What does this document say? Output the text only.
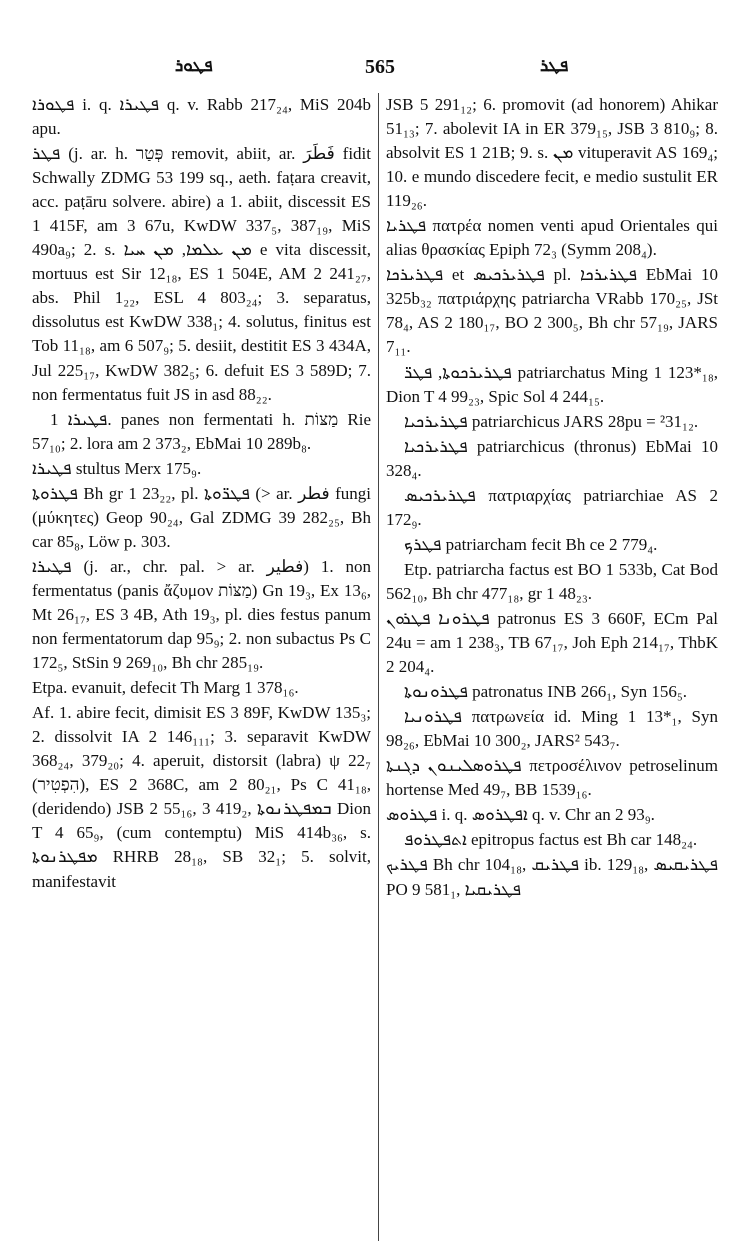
ܦܛܘܪ	565	ܦܛܪ

ܦܛܘܪܐ i. q. ܦܛܝܪܐ q. v. Rabb 217₂₄, MiS 204b apu.

ܦܛܪ (j. ar. h. פְּטַר removit, abiit, ar. فَطَرَ fidit Schwally ZDMG 53 199 sq., aeth. faṭara creavit, acc. paṭāru solvere. abire) a 1. abiit, discessit ES 1 415F, am 3 67u, KwDW 337₅, 387₁₉, MiS 490a₉; 2. s. ܡܢ ܥܠܡܐ, ܡܢ ܚܝܐ e vita discessit, mortuus est Sir 12₁₈, ES 1 504E, AM 2 241₂₇, abs. Phil 1₂₂, ESL 4 803₂₄; 3. separatus, dissolutus est KwDW 338₁; 4. solutus, finitus est Tob 11₁₈, am 6 507₉; 5. desiit, destitit ES 3 434A, Jul 225₁₇, KwDW 382₅; 6. defuit ES 3 589D; 7. non fermentatus fuit JS in asd 88₂₂.

ܦܛܝܪܐ 1. panes non fermentati h. מַצּוֹת Rie 57₁₀; 2. lora am 2 373₂, EbMai 10 289b₈.

ܦܛܝܪܐ stultus Merx 175₉.

ܦܛܪܘܬܐ Bh gr 1 23₂₂, pl. ܦܛܪ̈ܘܬܐ (> ar. فطر fungi (μύκητες) Geop 90₂₄, Gal ZDMG 39 282₂₅, Bh car 85₈, Löw p. 303.

ܦܛܝܪܐ (j. ar., chr. pal. > ar. فطير) 1. non fermentatus (panis ἄζυμον מַצּוֹת) Gn 19₃, Ex 13₆, Mt 26₁₇, ES 3 4B, Ath 19₃, pl. dies festus panum non fermentatorum dap 95₉; 2. non subactus Ps C 172₅, StSin 9 269₁₀, Bh chr 285₁₉.

Etpa. evanuit, defecit Th Marg 1 378₁₆.

Af. 1. abire fecit, dimisit ES 3 89F, KwDW 135₃; 2. dissolvit IA 2 146₁₁₁; 3. separavit KwDW 368₂₄, 379₂₀; 4. aperuit, distorsit (labra) ψ 22₇ (הִפְטִיר), ES 2 368C, am 2 80₂₁, Ps C 41₁₈, (deridendo) JSB 2 55₁₆, 3 419₂, ܒܡܦܛܪܢܘܬܐ Dion T 4 65₉, (cum contemptu) MiS 414b₃₆, s. ܡܦܛܪܢܘܬܐ RHRB 28₁₈, SB 32₁; 5. solvit, manifestavit

JSB 5 291₁₂; 6. promovit (ad honorem) Ahikar 51₁₃; 7. abolevit IA in ER 379₁₅, JSB 3 810₉; 8. absolvit ES 1 21B; 9. s. ܡܢ vituperavit AS 169₄; 10. e mundo discedere fecit, e medio sustulit ER 119₂₆.

ܦܛܪܝܐ πατρέα nomen venti apud Orientales qui alias θρασκίας Epiph 72₃ (Symm 208₄).

ܦܛܪܝܪܟܐ et ܦܛܪܝܪܟܝܣ pl. ܦܛܪܝܪܟܐ EbMai 10 325b₃₂ πατριάρχης patriarcha VRabb 170₂₅, JSt 78₄, AS 2 180₁₇, BO 2 300₅, Bh chr 57₁₉, JARS 7₁₁.

ܦܛܪܝܪܟܘܬܐ, ܦܛܪ̈ patriarchatus Ming 1 123*₁₈, Dion T 4 99₂₃, Spic Sol 4 244₁₅.

ܦܛܪܝܪܟܝܐ patriarchicus JARS 28pu = ²31₁₂.

ܦܛܪܝܪܟܝܐ patriarchicus (thronus) EbMai 10 328₄.

ܦܛܪܝܪܟܝܣ πατριαρχίας patriarchiae AS 2 172₉.

ܦܛܪܟ patriarcham fecit Bh ce 2 779₄.

Etp. patriarcha factus est BO 1 533b, Cat Bod 562₁₀, Bh chr 477₁₈, gr 1 48₂₃.

ܦܛܪܘܢܐ ܦܛܪܘܢ patronus ES 3 660F, ECm Pal 24u = am 1 238₃, TB 67₁₇, Joh Eph 214₁₇, ThbK 2 204₄.

ܦܛܪܘܢܘܬܐ patronatus INB 266₁, Syn 156₅.

ܦܛܪܘܢܝܐ πατρωνεία id. Ming 1 13*₁, Syn 98₂₆, EbMai 10 300₂, JARS² 543₇.

ܦܛܪܘܣܠܝܢܘܢ ܕܓܢܬܐ πετροσέλινον petroselinum hortense Med 49₇, BB 1539₁₆.

ܦܛܪܘܣ i. q. ܐܦܛܪܘܣ q. v. Chr an 2 93₉.

ܐܬܦܛܪܘܦ epitropus factus est Bh car 148₂₄.

ܦܛܪܝܟ Bh chr 104₁₈, ܦܛܪܝܩ ib. 129₁₈, ܦܛܪܝܩܝܣ PO 9 581₁, ܦܛܪܝܩܝܐ
